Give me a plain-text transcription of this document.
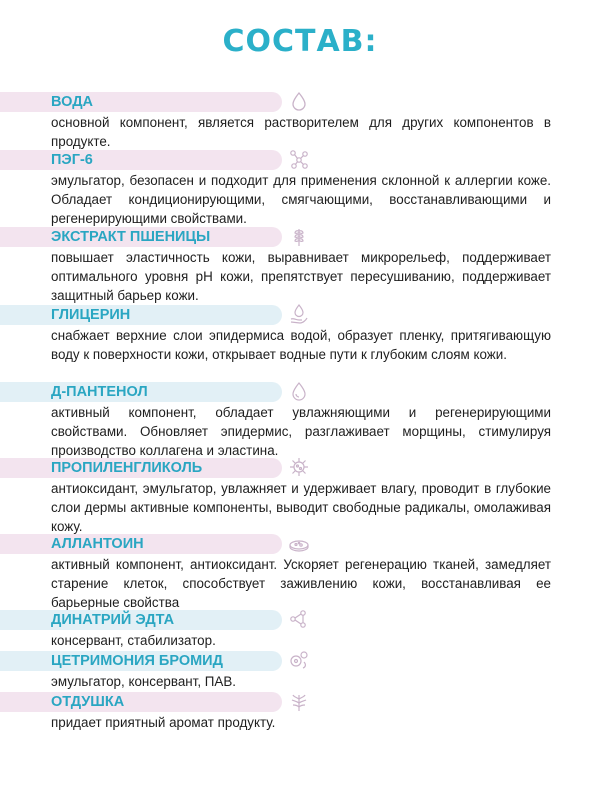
СОСТАВ:
ВОДА
основной компонент, является растворителем для других компонентов в продукте.
ПЭГ-6
эмульгатор, безопасен и подходит для применения склонной к аллергии коже. Обладает кондиционирующими, смягчающими, восстанавливающими и регенерирующими свойствами.
ЭКСТРАКТ ПШЕНИЦЫ
повышает эластичность кожи, выравнивает микрорельеф, поддерживает оптимального уровня pH кожи, препятствует пересушиванию, поддерживает защитный барьер кожи.
ГЛИЦЕРИН
снабжает верхние слои эпидермиса водой, образует пленку, притягивающую воду к поверхности кожи, открывает водные пути к глубоким слоям кожи.
Д-ПАНТЕНОЛ
активный компонент, обладает увлажняющими и регенерирующими свойствами. Обновляет эпидермис, разглаживает морщины, стимулируя производство коллагена и эластина.
ПРОПИЛЕНГЛИКОЛЬ
антиоксидант, эмульгатор, увлажняет и удерживает влагу, проводит в глубокие слои дермы активные компоненты, выводит свободные радикалы, омолаживая кожу.
АЛЛАНТОИН
активный компонент, антиоксидант. Ускоряет регенерацию тканей, замедляет старение клеток, способствует заживлению кожи, восстанавливая ее барьерные свойства
ДИНАТРИЙ ЭДТА
консервант, стабилизатор.
ЦЕТРИМОНИЯ БРОМИД
эмульгатор, консервант, ПАВ.
ОТДУШКА
придает приятный аромат продукту.
